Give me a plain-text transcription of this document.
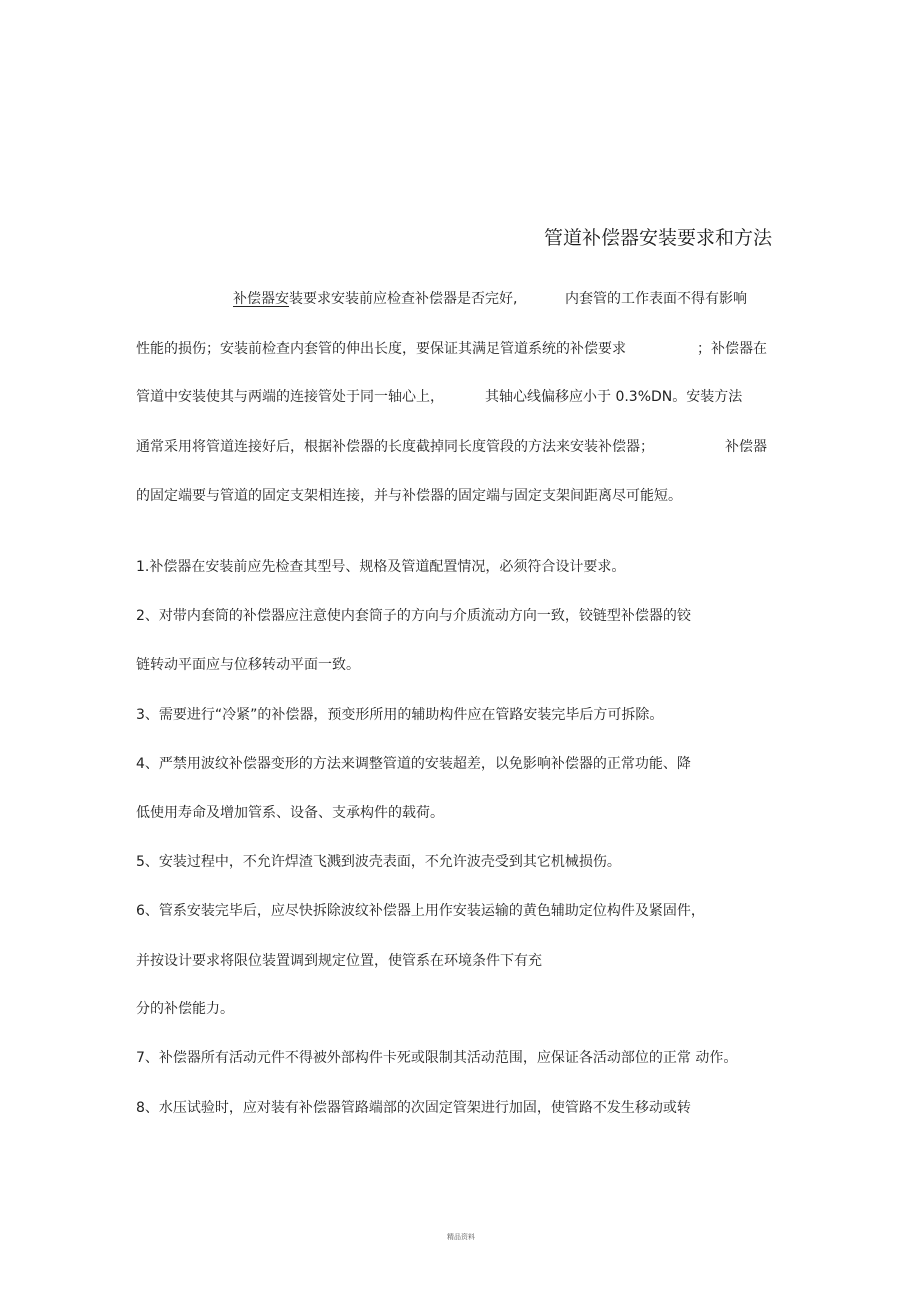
管道补偿器安装要求和方法
补偿器安装要求安装前应检查补偿器是否完好,	内套管的工作表面不得有影响
性能的损伤；安装前检查内套管的伸出长度，要保证其满足管道系统的补偿要求	；补偿器在
管道中安装使其与两端的连接管处于同一轴心上，	其轴心线偏移应小于 0.3%DN。安装方法
通常采用将管道连接好后，根据补偿器的长度截掉同长度管段的方法来安装补偿器；	补偿器
的固定端要与管道的固定支架相连接，并与补偿器的固定端与固定支架间距离尽可能短。
1.补偿器在安装前应先检查其型号、规格及管道配置情况，必须符合设计要求。
2、对带内套筒的补偿器应注意使内套筒子的方向与介质流动方向一致，铰链型补偿器的铰
链转动平面应与位移转动平面一致。
3、需要进行“冷紧”的补偿器，预变形所用的辅助构件应在管路安装完毕后方可拆除。
4、严禁用波纹补偿器变形的方法来调整管道的安装超差，以免影响补偿器的正常功能、降
低使用寿命及增加管系、设备、支承构件的载荷。
5、安装过程中，不允许焊渣飞溅到波壳表面，不允许波壳受到其它机械损伤。
6、管系安装完毕后，应尽快拆除波纹补偿器上用作安装运输的黄色辅助定位构件及紧固件，
并按设计要求将限位装置调到规定位置，使管系在环境条件下有充
分的补偿能力。
7、补偿器所有活动元件不得被外部构件卡死或限制其活动范围，应保证各活动部位的正常 动作。
8、水压试验时，应对装有补偿器管路端部的次固定管架进行加固，使管路不发生移动或转
精品资料
